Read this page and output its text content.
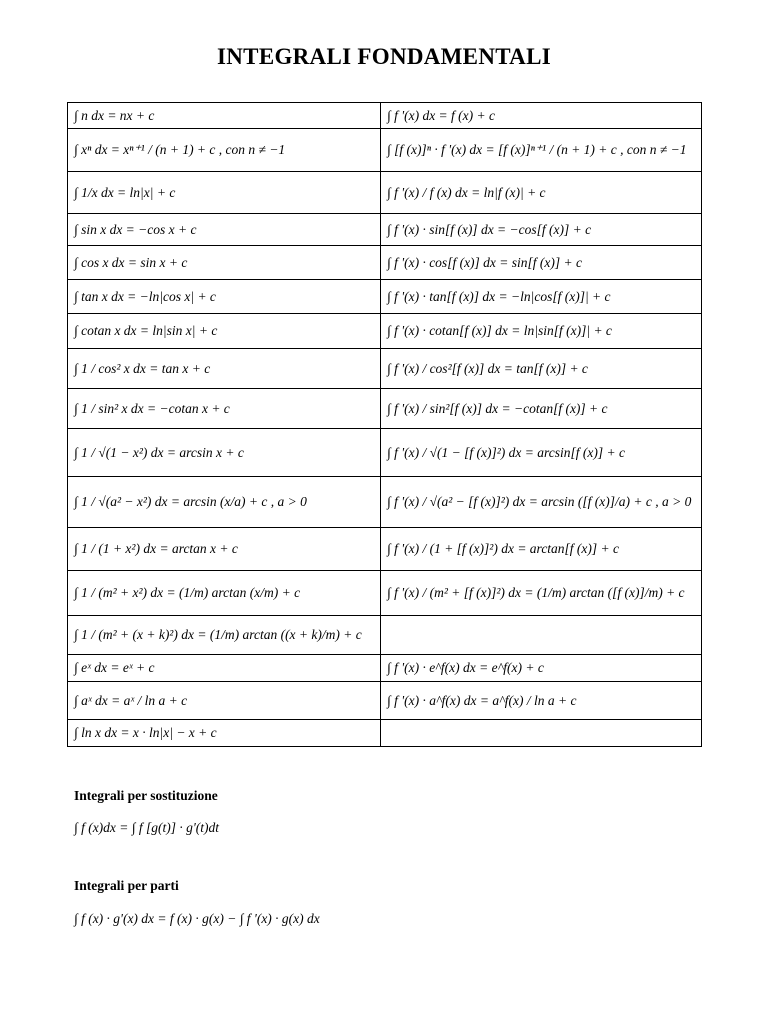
INTEGRALI FONDAMENTALI
∫ n dx = nx + c	∫ f '(x) dx = f (x) + c
∫ xⁿ dx = xⁿ⁺¹ / (n + 1) + c , con n ≠ −1	∫ [f (x)]ⁿ · f '(x) dx = [f (x)]ⁿ⁺¹ / (n + 1) + c , con n ≠ −1
∫ 1/x dx = ln|x| + c	∫ f '(x) / f (x) dx = ln|f (x)| + c
∫ sin x dx = −cos x + c	∫ f '(x) · sin[f (x)] dx = −cos[f (x)] + c
∫ cos x dx = sin x + c	∫ f '(x) · cos[f (x)] dx = sin[f (x)] + c
∫ tan x dx = −ln|cos x| + c	∫ f '(x) · tan[f (x)] dx = −ln|cos[f (x)]| + c
∫ cotan x dx = ln|sin x| + c	∫ f '(x) · cotan[f (x)] dx = ln|sin[f (x)]| + c
∫ 1 / cos² x dx = tan x + c	∫ f '(x) / cos²[f (x)] dx = tan[f (x)] + c
∫ 1 / sin² x dx = −cotan x + c	∫ f '(x) / sin²[f (x)] dx = −cotan[f (x)] + c
∫ 1 / √(1 − x²) dx = arcsin x + c	∫ f '(x) / √(1 − [f (x)]²) dx = arcsin[f (x)] + c
∫ 1 / √(a² − x²) dx = arcsin (x/a) + c , a > 0	∫ f '(x) / √(a² − [f (x)]²) dx = arcsin ([f (x)]/a) + c , a > 0
∫ 1 / (1 + x²) dx = arctan x + c	∫ f '(x) / (1 + [f (x)]²) dx = arctan[f (x)] + c
∫ 1 / (m² + x²) dx = (1/m) arctan (x/m) + c	∫ f '(x) / (m² + [f (x)]²) dx = (1/m) arctan ([f (x)]/m) + c
∫ 1 / (m² + (x + k)²) dx = (1/m) arctan ((x + k)/m) + c	
∫ eˣ dx = eˣ + c	∫ f '(x) · e^f(x) dx = e^f(x) + c
∫ aˣ dx = aˣ / ln a + c	∫ f '(x) · a^f(x) dx = a^f(x) / ln a + c
∫ ln x dx = x · ln|x| − x + c	
Integrali per sostituzione
∫ f (x)dx = ∫ f [g(t)] · g'(t)dt
Integrali per parti
∫ f (x) · g'(x) dx = f (x) · g(x) − ∫ f '(x) · g(x) dx
